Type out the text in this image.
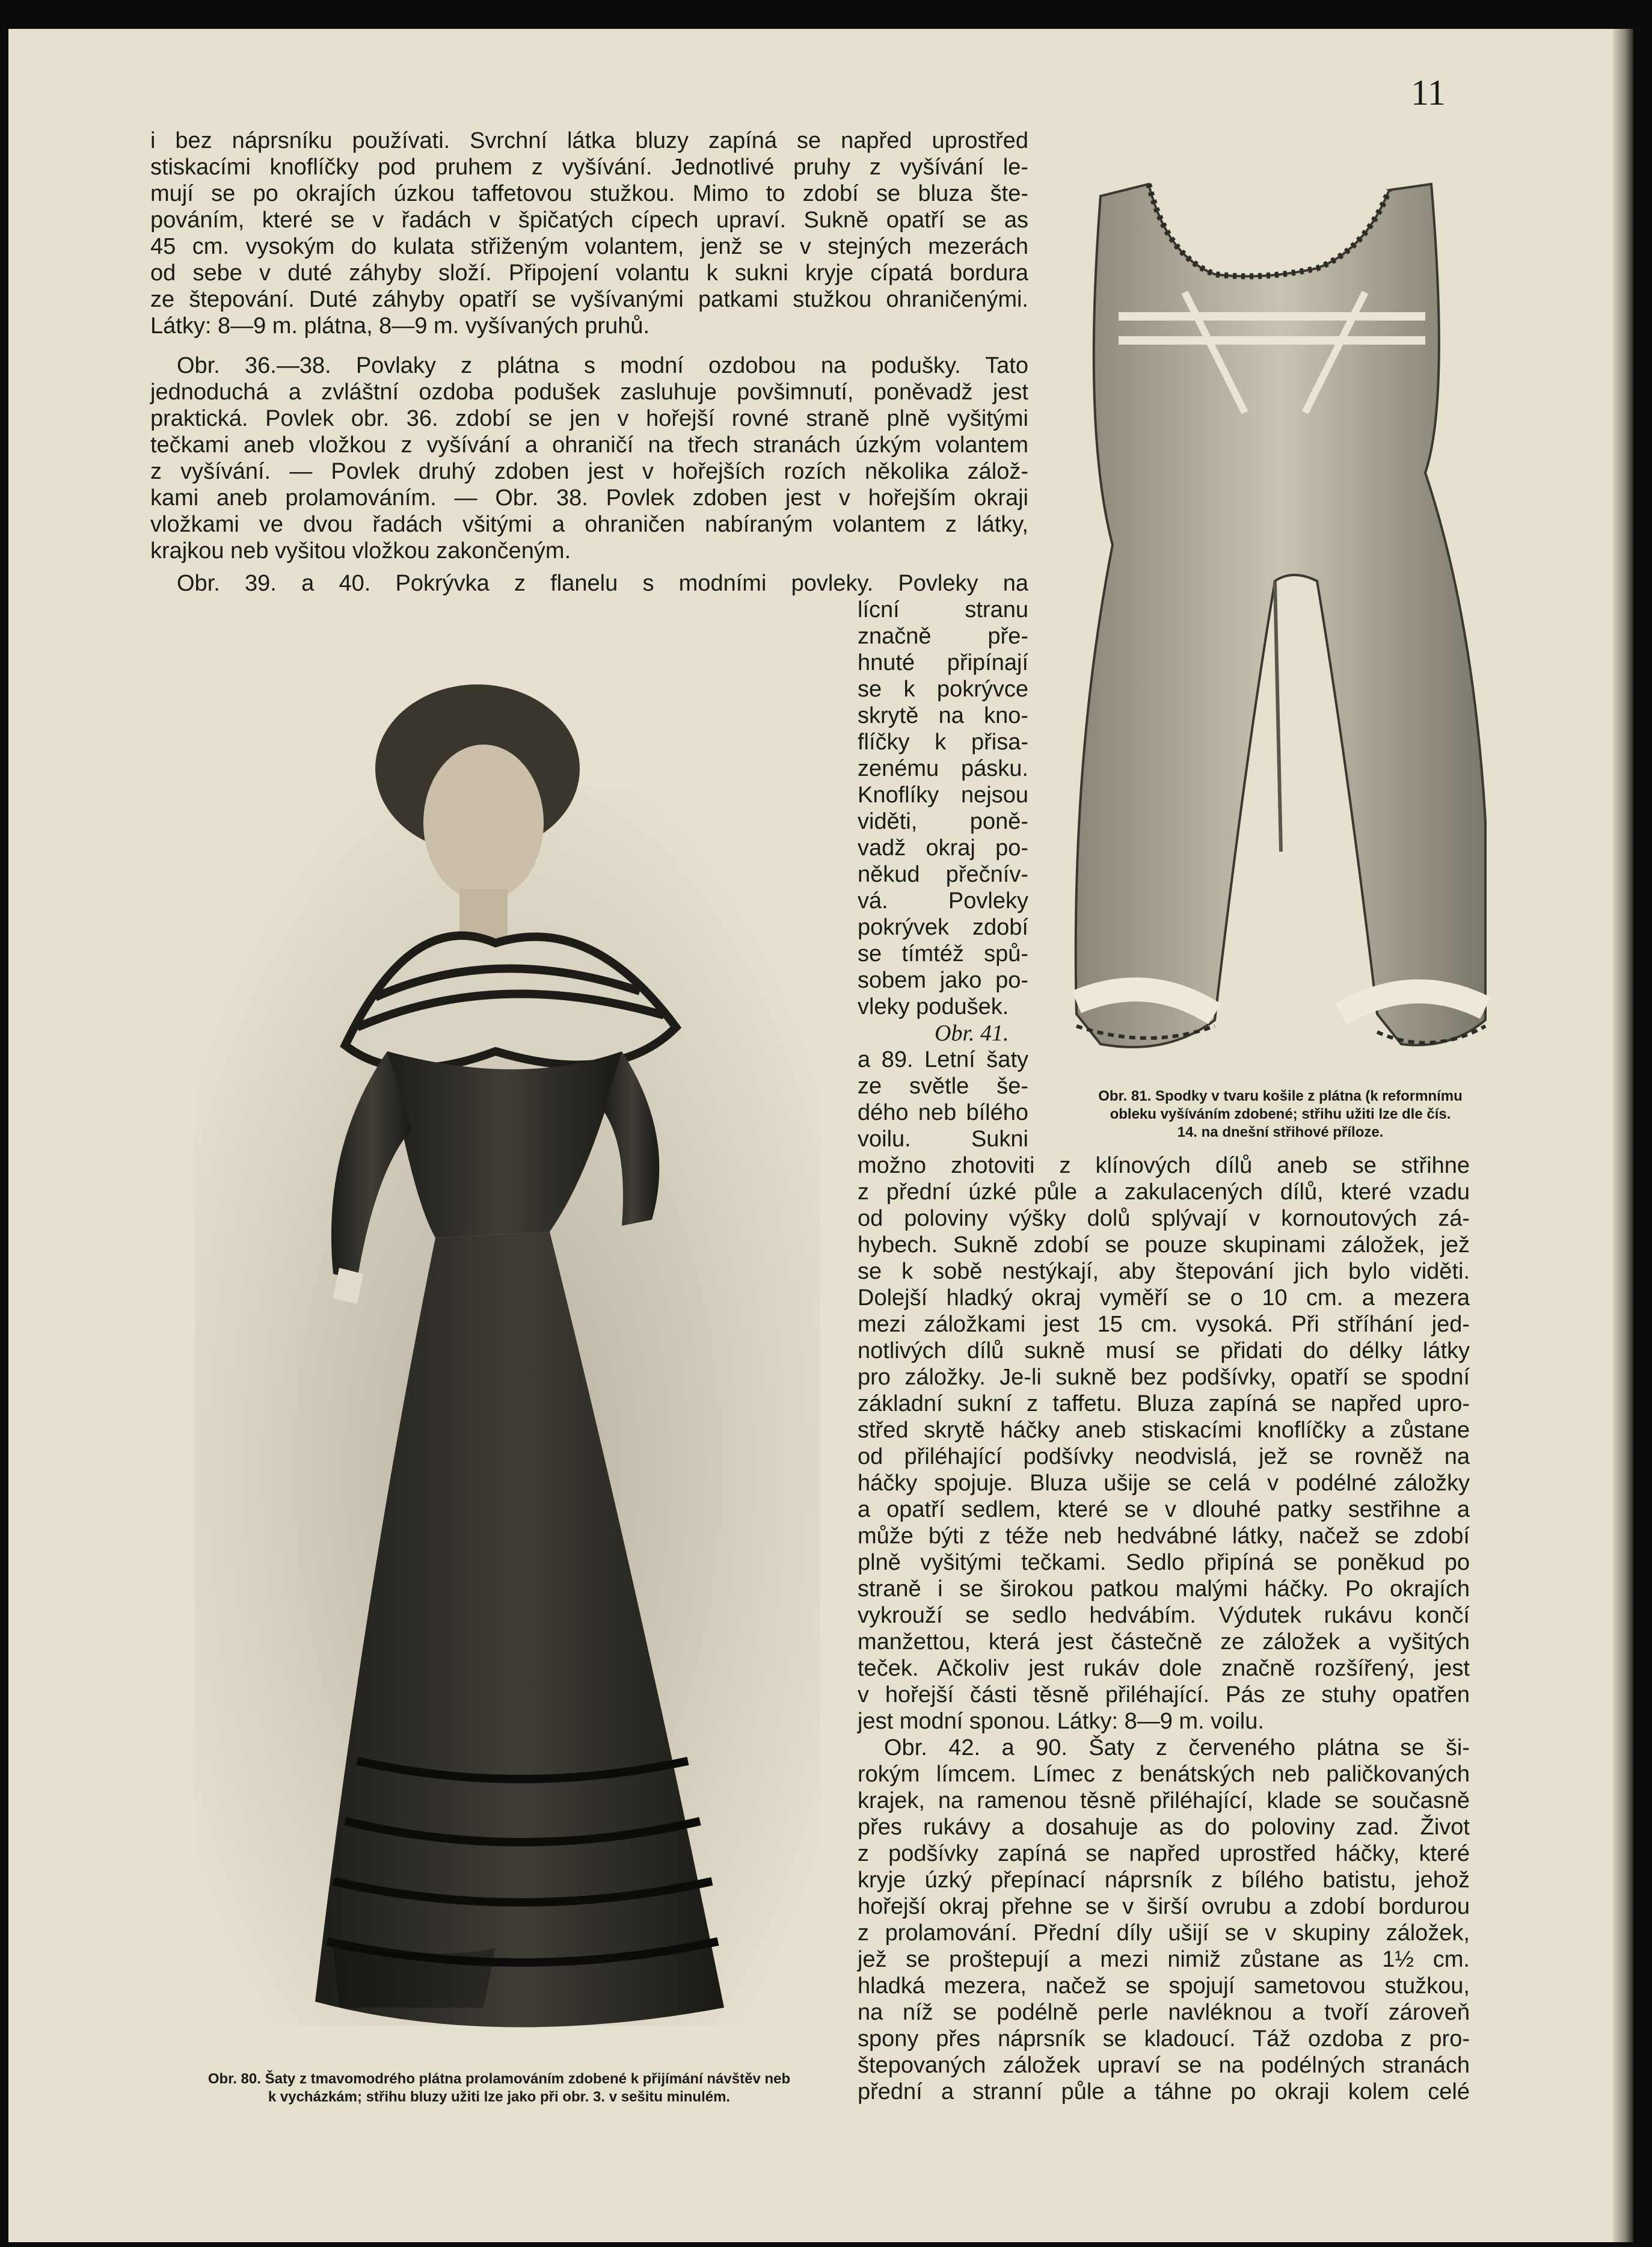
11
i bez náprsníku používati. Svrchní látka bluzy zapíná se napřed uprostřed
stiskacími knoflíčky pod pruhem z vyšívání. Jednotlivé pruhy z vyšívání le-
mují se po okrajích úzkou taffetovou stužkou. Mimo to zdobí se bluza šte-
pováním, které se v řadách v špičatých cípech upraví. Sukně opatří se as
45 cm. vysokým do kulata střiženým volantem, jenž se v stejných mezerách
od sebe v duté záhyby složí. Připojení volantu k sukni kryje cípatá bordura
ze štepování. Duté záhyby opatří se vyšívanými patkami stužkou ohraničenými.
Látky: 8—9 m. plátna, 8—9 m. vyšívaných pruhů.
Obr. 36.—38. Povlaky z plátna s modní ozdobou na podušky. Tato
jednoduchá a zvláštní ozdoba podušek zasluhuje povšimnutí, poněvadž jest
praktická. Povlek obr. 36. zdobí se jen v hořejší rovné straně plně vyšitými
tečkami aneb vložkou z vyšívání a ohraničí na třech stranách úzkým volantem
z vyšívání. — Povlek druhý zdoben jest v hořejších rozích několika zálož-
kami aneb prolamováním. — Obr. 38. Povlek zdoben jest v hořejším okraji
vložkami ve dvou řadách všitými a ohraničen nabíraným volantem z látky,
krajkou neb vyšitou vložkou zakončeným.
Obr. 39. a 40. Pokrývka z flanelu s modními povleky. Povleky na
lícní stranu
značně pře-
hnuté připínají
se k pokrývce
skrytě na kno-
flíčky k přisa-
zenému pásku.
Knoflíky nejsou
viděti, poně-
vadž okraj po-
někud přečnív-
vá. Povleky
pokrývek zdobí
se tímtéž spů-
sobem jako po-
vleky podušek.
Obr. 41.
a 89. Letní šaty
ze světle še-
dého neb bílého
voilu. Sukni
možno zhotoviti z klínových dílů aneb se střihne
z přední úzké půle a zakulacených dílů, které vzadu
od poloviny výšky dolů splývají v kornoutových zá-
hybech. Sukně zdobí se pouze skupinami záložek, jež
se k sobě nestýkají, aby štepování jich bylo viděti.
Dolejší hladký okraj vyměří se o 10 cm. a mezera
mezi záložkami jest 15 cm. vysoká. Při stříhání jed-
notlivých dílů sukně musí se přidati do délky látky
pro záložky. Je-li sukně bez podšívky, opatří se spodní
základní sukní z taffetu. Bluza zapíná se napřed upro-
střed skrytě háčky aneb stiskacími knoflíčky a zůstane
od přiléhající podšívky neodvislá, jež se rovněž na
háčky spojuje. Bluza ušije se celá v podélné záložky
a opatří sedlem, které se v dlouhé patky sestřihne a
může býti z téže neb hedvábné látky, načež se zdobí
plně vyšitými tečkami. Sedlo připíná se poněkud po
straně i se širokou patkou malými háčky. Po okrajích
vykrouží se sedlo hedvábím. Výdutek rukávu končí
manžettou, která jest částečně ze záložek a vyšitých
teček. Ačkoliv jest rukáv dole značně rozšířený, jest
v hořejší části těsně přiléhající. Pás ze stuhy opatřen
jest modní sponou. Látky: 8—9 m. voilu.
Obr. 42. a 90. Šaty z červeného plátna se ši-
rokým límcem. Límec z benátských neb paličkovaných
krajek, na ramenou těsně přiléhající, klade se současně
přes rukávy a dosahuje as do poloviny zad. Život
z podšívky zapíná se napřed uprostřed háčky, které
kryje úzký přepínací náprsník z bílého batistu, jehož
hořejší okraj přehne se v širší ovrubu a zdobí bordurou
z prolamování. Přední díly ušijí se v skupiny záložek,
jež se proštepují a mezi nimiž zůstane as 1½ cm.
hladká mezera, načež se spojují sametovou stužkou,
na níž se podélně perle navléknou a tvoří zároveň
spony přes náprsník se kladoucí. Táž ozdoba z pro-
štepovaných záložek upraví se na podélných stranách
přední a stranní půle a táhne po okraji kolem celé
Obr. 81. Spodky v tvaru košile z plátna (k reformnímu
obleku vyšíváním zdobené; střihu užiti lze dle čís.
14. na dnešní střihové příloze.
Obr. 80. Šaty z tmavomodrého plátna prolamováním zdobené k přijímání návštěv neb
k vycházkám; střihu bluzy užiti lze jako při obr. 3. v sešitu minulém.
